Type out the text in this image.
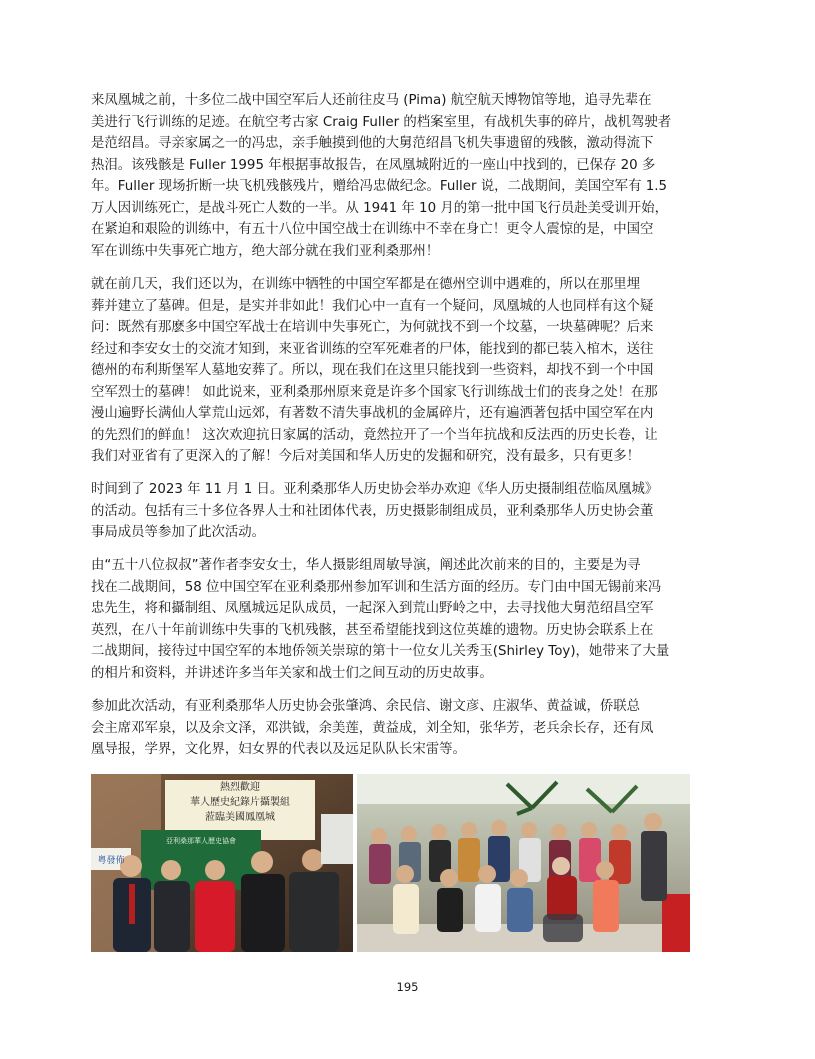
来凤凰城之前，十多位二战中国空军后人还前往皮马 (Pima) 航空航天博物馆等地，追寻先辈在
美进行飞行训练的足迹。在航空考古家 Craig Fuller 的档案室里，有战机失事的碎片，战机驾驶者
是范绍昌。寻亲家属之一的冯忠，亲手触摸到他的大舅范绍昌飞机失事遗留的残骸，激动得流下
热泪。该残骸是 Fuller 1995 年根据事故报告，在凤凰城附近的一座山中找到的，已保存 20 多
年。Fuller 现场折断一块飞机残骸残片，赠给冯忠做纪念。Fuller 说，二战期间，美国空军有 1.5
万人因训练死亡，是战斗死亡人数的一半。从 1941 年 10 月的第一批中国飞行员赴美受训开始，
在紧迫和艰险的训练中，有五十八位中国空战士在训练中不幸在身亡！更令人震惊的是，中国空
军在训练中失事死亡地方，绝大部分就在我们亚利桑那州！

就在前几天，我们还以为，在训练中牺牲的中国空军都是在德州空训中遇难的，所以在那里埋
葬并建立了墓碑。但是，是实并非如此！我们心中一直有一个疑问，凤凰城的人也同样有这个疑
问：既然有那麽多中国空军战士在培训中失事死亡，为何就找不到一个坟墓，一块墓碑呢？后来
经过和李安女士的交流才知到，来亚省训练的空军死难者的尸体，能找到的都已装入棺木，送往
德州的布利斯堡军人墓地安葬了。所以，现在我们在这里只能找到一些资料，却找不到一个中国
空军烈士的墓碑！ 如此说来，亚利桑那州原来竟是许多个国家飞行训练战士们的丧身之处！在那
漫山遍野长满仙人掌荒山远郊，有著数不清失事战机的金属碎片，还有遍洒著包括中国空军在内
的先烈们的鲜血！ 这次欢迎抗日家属的活动，竟然拉开了一个当年抗战和反法西的历史长卷，让
我们对亚省有了更深入的了解！今后对美国和华人历史的发掘和研究，没有最多，只有更多！

时间到了 2023 年 11 月 1 日。亚利桑那华人历史协会举办欢迎《华人历史摄制组莅临凤凰城》
的活动。包括有三十多位各界人士和社团体代表，历史摄影制组成员，亚利桑那华人历史协会董
事局成员等参加了此次活动。

由“五十八位叔叔”著作者李安女士，华人摄影组周敏导演，阐述此次前来的目的，主要是为寻
找在二战期间，58 位中国空军在亚利桑那州参加军训和生活方面的经历。专门由中国无锡前来冯
忠先生，将和攝制组、凤凰城远足队成员，一起深入到荒山野岭之中，去寻找他大舅范绍昌空军
英烈，在八十年前训练中失事的飞机残骸，甚至希望能找到这位英雄的遗物。历史协会联系上在
二战期间，接待过中国空军的本地侨领关崇琼的第十一位女儿关秀玉(Shirley Toy)，她带来了大量
的相片和资料，并讲述许多当年关家和战士们之间互动的历史故事。

参加此次活动，有亚利桑那华人历史协会张肇鸿、余民信、谢文彦、庄淑华、黄益诚，侨联总
会主席邓军泉，以及余文泽，邓洪钺，余美莲，黄益成，刘全知，张华芳，老兵余长存，还有凤
凰导报，学界，文化界，妇女界的代表以及远足队队长宋雷等。

熱烈歡迎
華人歷史紀錄片攝製組
蒞臨美國鳳凰城
亞利桑那華人歷史協會
粤發佈
195
